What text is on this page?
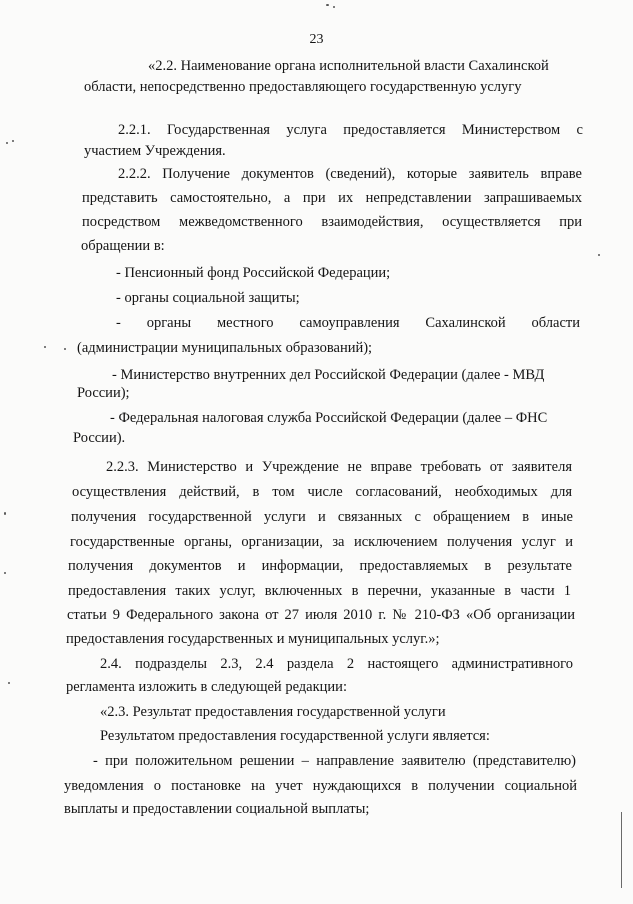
23
«2.2. Наименование органа исполнительной власти Сахалинской
области, непосредственно предоставляющего государственную услугу
2.2.1. Государственная услуга предоставляется Министерством с
участием Учреждения.
2.2.2. Получение документов (сведений), которые заявитель вправе
представить самостоятельно, а при их непредставлении запрашиваемых
посредством межведомственного взаимодействия, осуществляется при
обращении в:
- Пенсионный фонд Российской Федерации;
- органы социальной защиты;
- органы местного самоуправления Сахалинской области
(администрации муниципальных образований);
- Министерство внутренних дел Российской Федерации (далее - МВД
России);
- Федеральная налоговая служба Российской Федерации (далее – ФНС
России).
2.2.3. Министерство и Учреждение не вправе требовать от заявителя
осуществления действий, в том числе согласований, необходимых для
получения государственной услуги и связанных с обращением в иные
государственные органы, организации, за исключением получения услуг и
получения документов и информации, предоставляемых в результате
предоставления таких услуг, включенных в перечни, указанные в части 1
статьи 9 Федерального закона от 27 июля 2010 г. № 210-ФЗ «Об организации
предоставления государственных и муниципальных услуг.»;
2.4. подразделы 2.3, 2.4 раздела 2 настоящего административного
регламента изложить в следующей редакции:
«2.3. Результат предоставления государственной услуги
Результатом предоставления государственной услуги является:
- при положительном решении – направление заявителю (представителю)
уведомления о постановке на учет нуждающихся в получении социальной
выплаты и предоставлении социальной выплаты;
